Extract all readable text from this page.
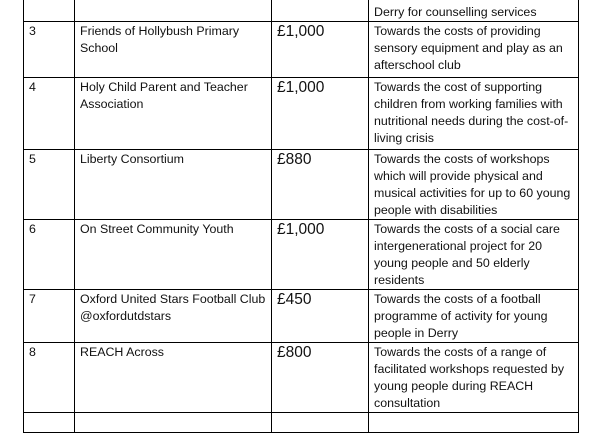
			Derry for counselling services
3	Friends of Hollybush Primary School	£1,000	Towards the costs of providing sensory equipment and play as an afterschool club
4	Holy Child Parent and Teacher Association	£1,000	Towards the cost of supporting children from working families with nutritional needs during the cost-of-living crisis
5	Liberty Consortium	£880	Towards the costs of workshops which will provide physical and musical activities for up to 60 young people with disabilities
6	On Street Community Youth	£1,000	Towards the costs of a social care intergenerational project for 20 young people and 50 elderly residents
7	Oxford United Stars Football Club @oxfordutdstars	£450	Towards the costs of a football programme of activity for young people in Derry
8	REACH Across	£800	Towards the costs of a range of facilitated workshops requested by young people during REACH consultation
